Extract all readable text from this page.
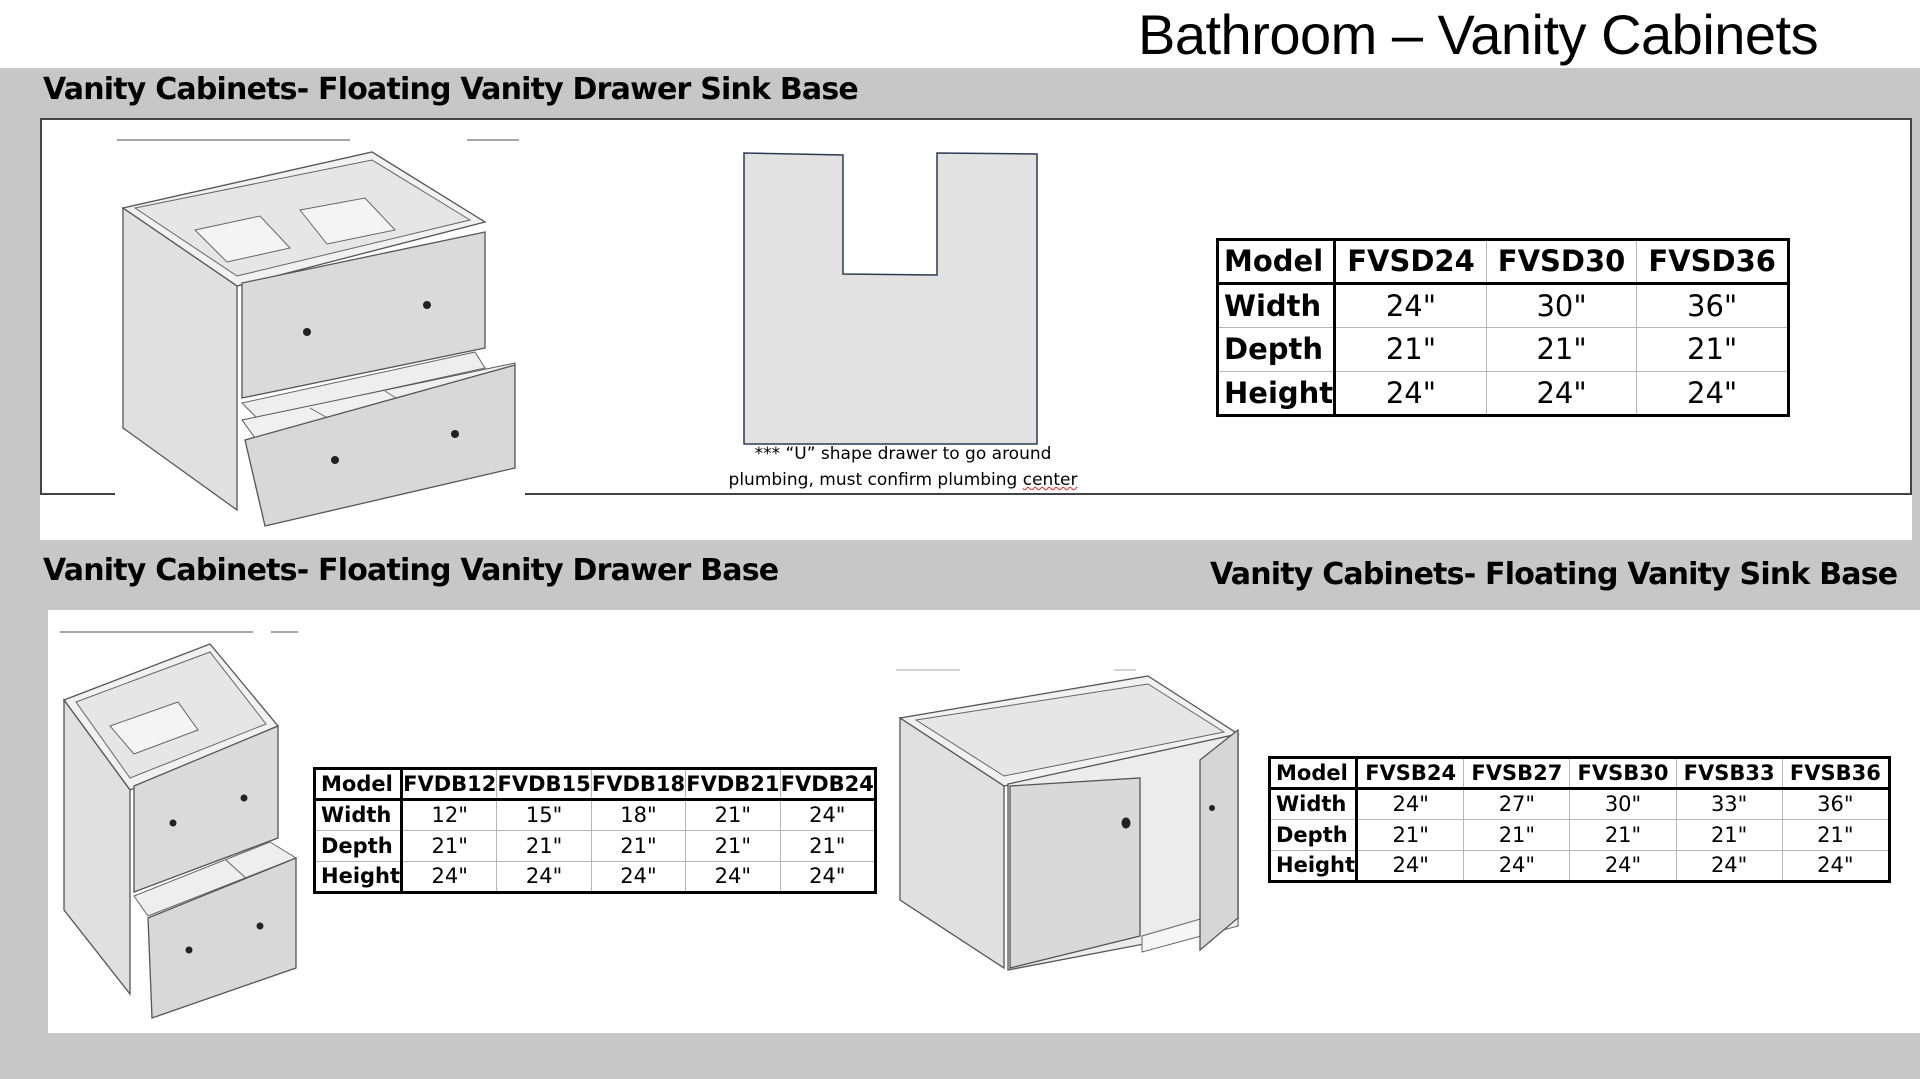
Bathroom – Vanity Cabinets
Vanity Cabinets- Floating Vanity Drawer Sink Base
Vanity Cabinets- Floating Vanity Drawer Base	Vanity Cabinets- Floating Vanity Sink Base
*** “U” shape drawer to go around
plumbing, must confirm plumbing center
Model	FVSD24	FVSD30	FVSD36
Width	24"	30"	36"
Depth	21"	21"	21"
Height	24"	24"	24"
Model	FVDB12	FVDB15	FVDB18	FVDB21	FVDB24
Width	12"	15"	18"	21"	24"
Depth	21"	21"	21"	21"	21"
Height	24"	24"	24"	24"	24"
Model	FVSB24	FVSB27	FVSB30	FVSB33	FVSB36
Width	24"	27"	30"	33"	36"
Depth	21"	21"	21"	21"	21"
Height	24"	24"	24"	24"	24"
